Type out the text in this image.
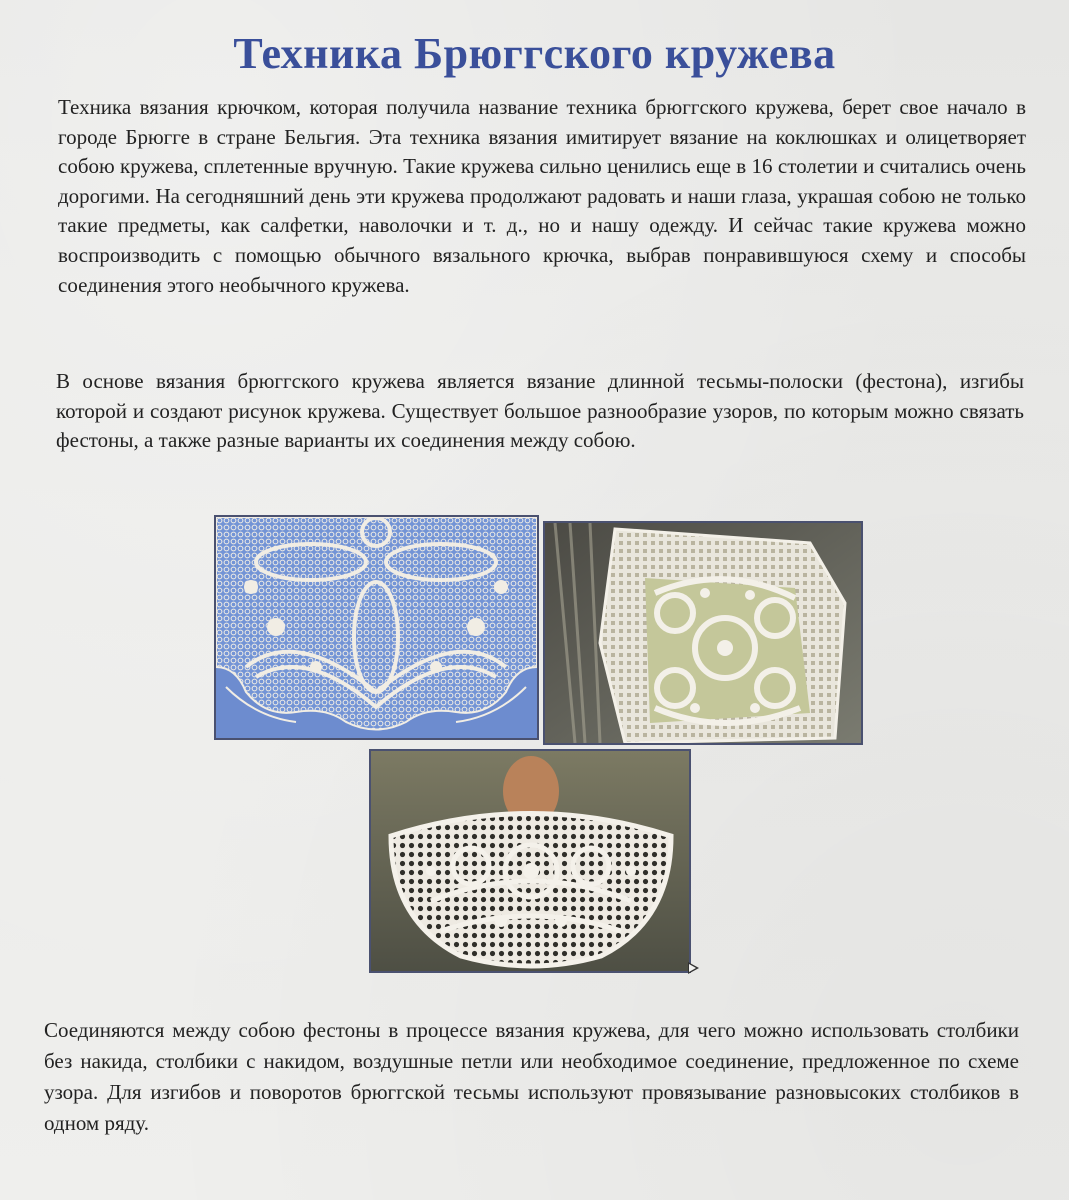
Техника Брюггского кружева

Техника вязания крючком, которая получила название техника брюггского кружева, берет свое начало в городе Брюгге в стране Бельгия. Эта техника вязания имитирует вязание на коклюшках и олицетворяет собою кружева, сплетенные вручную. Такие кружева сильно ценились еще в 16 столетии и считались очень дорогими. На сегодняшний день эти кружева продолжают радовать и наши глаза, украшая собою не только такие предметы, как салфетки, наволочки и т. д., но и нашу одежду. И сейчас такие кружева можно воспроизводить с помощью обычного вязального крючка, выбрав понравившуюся схему и способы соединения этого необычного кружева.

В основе вязания брюггского кружева является вязание длинной тесьмы-полоски (фестона), изгибы которой и создают рисунок кружева. Существует большое разнообразие узоров, по которым можно связать фестоны, а также разные варианты их соединения между собою.

Соединяются между собою фестоны в процессе вязания кружева, для чего можно использовать столбики без накида, столбики с накидом, воздушные петли или необходимое соединение, предложенное по схеме узора. Для изгибов и поворотов брюггской тесьмы используют провязывание разновысоких столбиков в одном ряду.
